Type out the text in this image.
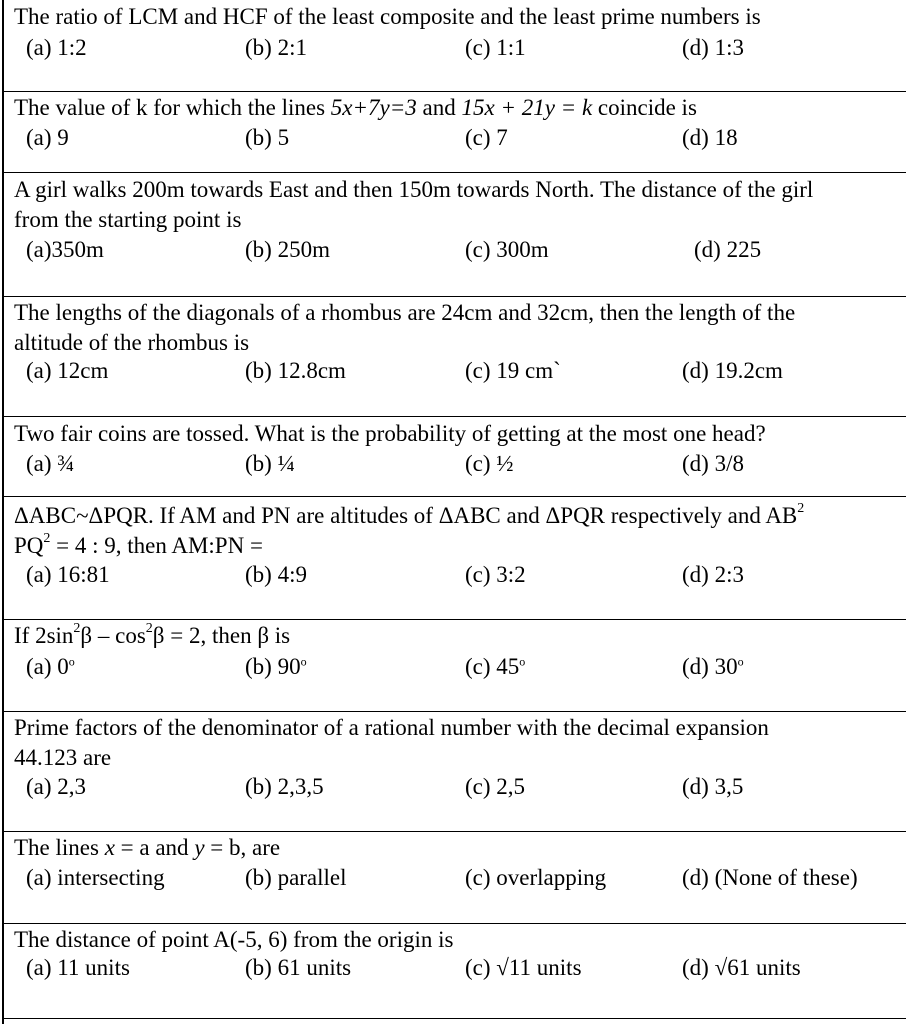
The ratio of LCM and HCF of the least composite and the least prime numbers is
(a) 1:2	(b) 2:1	(c) 1:1	(d) 1:3
The value of k for which the lines 5x+7y=3 and 15x + 21y = k coincide is
(a) 9	(b) 5	(c) 7	(d) 18
A girl walks 200m towards East and then 150m towards North. The distance of the girl
from the starting point is
(a)350m	(b) 250m	(c) 300m	(d) 225
The lengths of the diagonals of a rhombus are 24cm and 32cm, then the length of the
altitude of the rhombus is
(a) 12cm	(b) 12.8cm	(c) 19 cm`	(d) 19.2cm
Two fair coins are tossed. What is the probability of getting at the most one head?
(a) ¾	(b) ¼	(c) ½	(d) 3/8
ΔABC~ΔPQR. If AM and PN are altitudes of ΔABC and ΔPQR respectively and $AB^2$
$PQ^2 = 4$ : 9, then AM:PN =
(a) 16:81	(b) 4:9	(c) 3:2	(d) 2:3
If $2\sin^2\beta - \cos^2\beta = 2$, then β is
(a) 0$^o$	(b) 90$^o$	(c) 45$^o$	(d) 30$^o$
Prime factors of the denominator of a rational number with the decimal expansion
44.123 are
(a) 2,3	(b) 2,3,5	(c) 2,5	(d) 3,5
The lines x = a and y = b, are
(a) intersecting	(b) parallel	(c) overlapping	(d) (None of these)
The distance of point A(-5, 6) from the origin is
(a) 11 units	(b) 61 units	(c) √11 units	(d) √61 units
